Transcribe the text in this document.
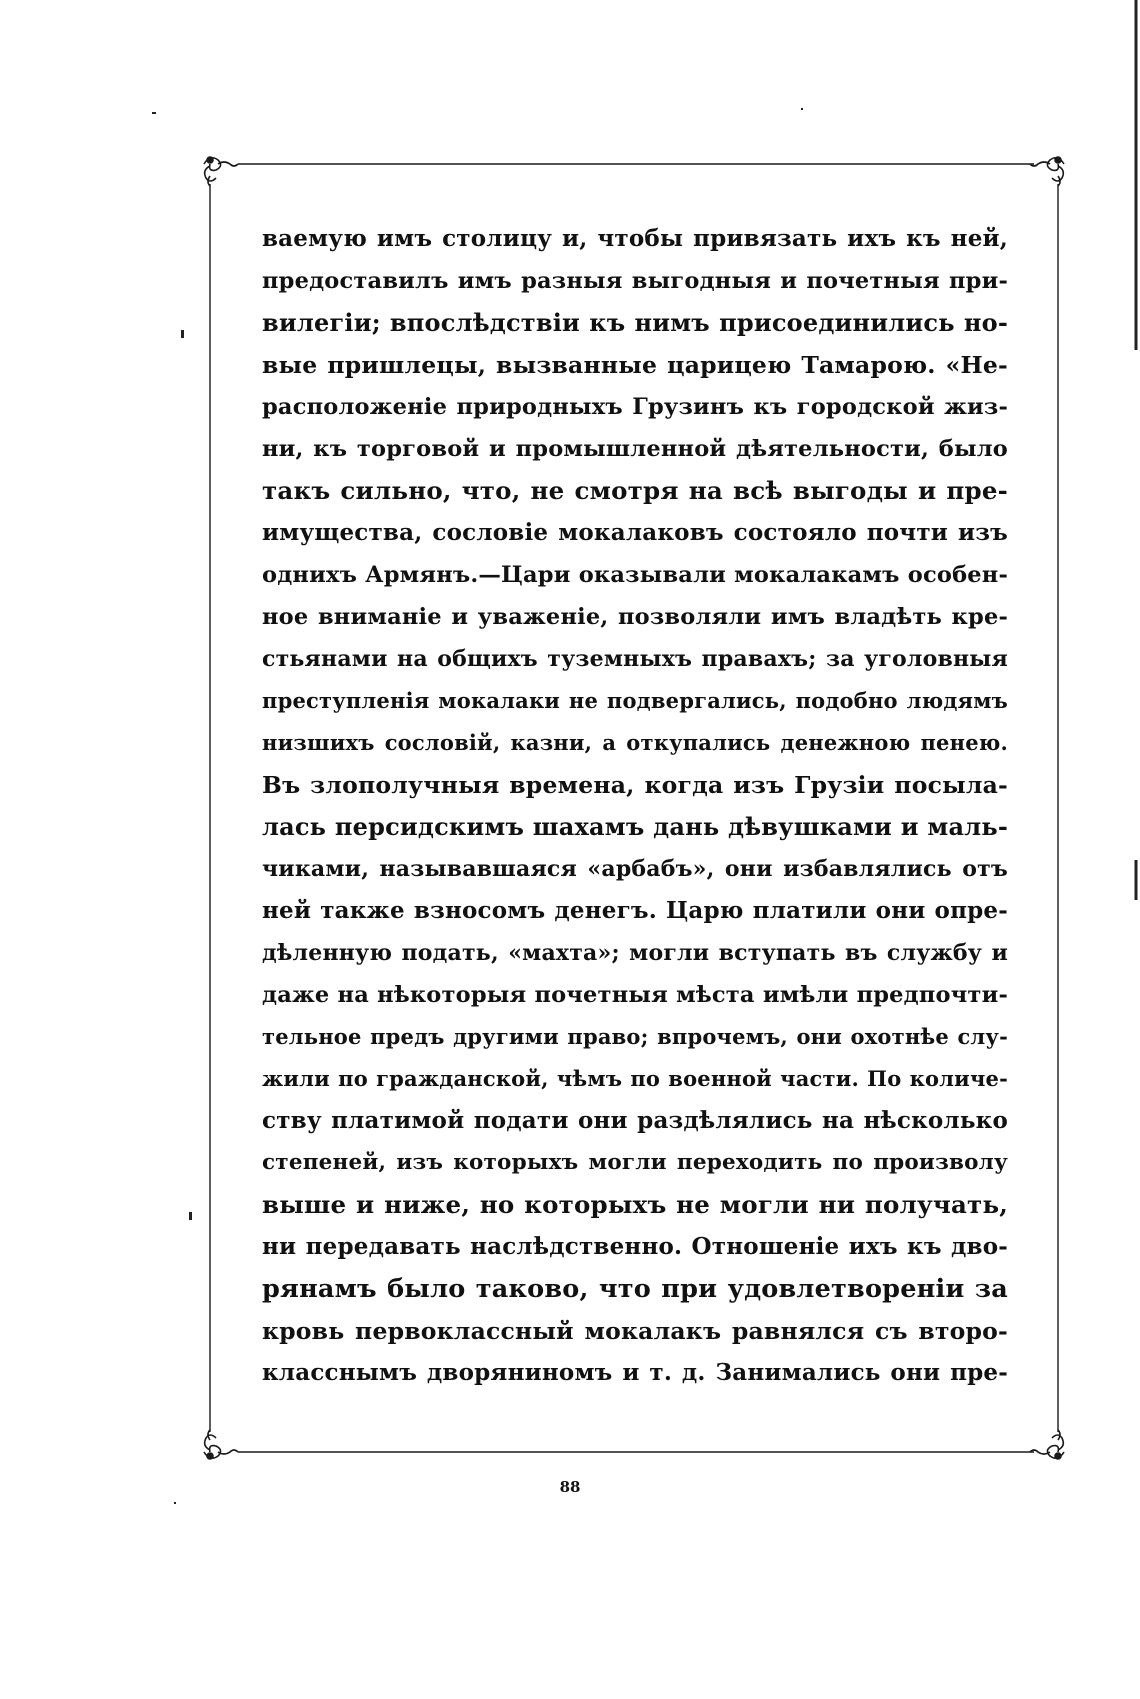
ваемую имъ столицу и, чтобы привязать ихъ къ ней,
предоставилъ имъ разныя выгодныя и почетныя при-
вилегіи; впослѣдствіи къ нимъ присоединились но-
вые пришлецы, вызванные царицею Тамарою. «Не-
расположеніе природныхъ Грузинъ къ городской жиз-
ни, къ торговой и промышленной дѣятельности, было
такъ сильно, что, не смотря на всѣ выгоды и пре-
имущества, сословіе мокалаковъ состояло почти изъ
однихъ Армянъ.—Цари оказывали мокалакамъ особен-
ное вниманіе и уваженіе, позволяли имъ владѣть кре-
стьянами на общихъ туземныхъ правахъ; за уголовныя
преступленія мокалаки не подвергались, подобно людямъ
низшихъ сословій, казни, а откупались денежною пенею.
Въ злополучныя времена, когда изъ Грузіи посыла-
лась персидскимъ шахамъ дань дѣвушками и маль-
чиками, называвшаяся «арбабъ», они избавлялись отъ
ней также взносомъ денегъ. Царю платили они опре-
дѣленную подать, «махта»; могли вступать въ службу и
даже на нѣкоторыя почетныя мѣста имѣли предпочти-
тельное предъ другими право; впрочемъ, они охотнѣе слу-
жили по гражданской, чѣмъ по военной части. По количе-
ству платимой подати они раздѣлялись на нѣсколько
степеней, изъ которыхъ могли переходить по произволу
выше и ниже, но которыхъ не могли ни получать,
ни передавать наслѣдственно. Отношеніе ихъ къ дво-
рянамъ было таково, что при удовлетвореніи за
кровь первоклассный мокалакъ равнялся съ второ-
класснымъ дворяниномъ и т. д. Занимались они пре-
88
